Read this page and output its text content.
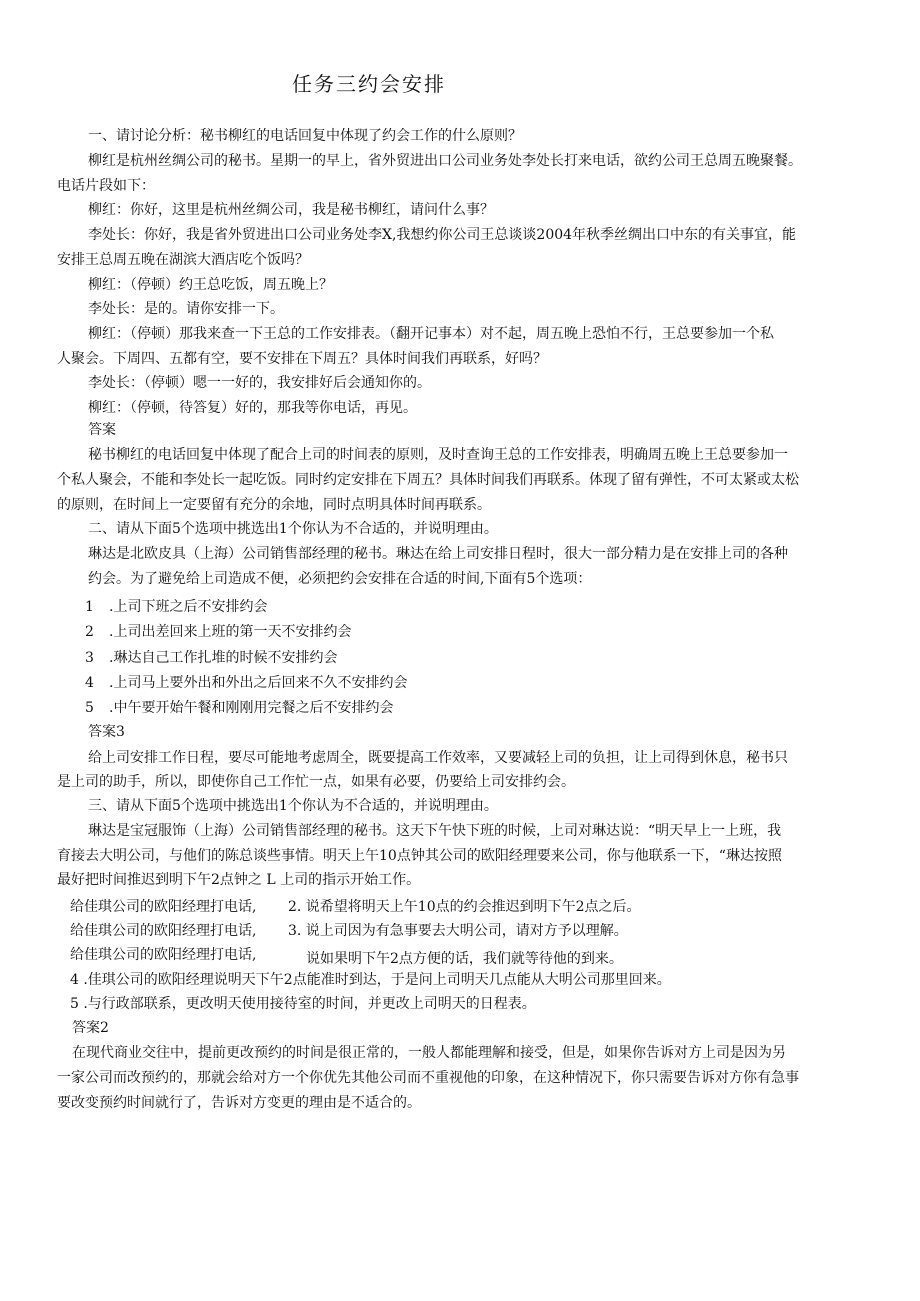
任务三约会安排
一、请讨论分析：秘书柳红的电话回复中体现了约会工作的什么原则？
柳红是杭州丝绸公司的秘书。星期一的早上，省外贸进出口公司业务处李处长打来电话，欲约公司王总周五晚聚餐。
电话片段如下：
柳红：你好，这里是杭州丝绸公司，我是秘书柳红，请问什么事？
李处长：你好，我是省外贸进出口公司业务处李X,我想约你公司王总谈谈2004年秋季丝绸出口中东的有关事宜，能
安排王总周五晚在湖滨大酒店吃个饭吗？
柳红：（停顿）约王总吃饭，周五晚上？
李处长：是的。请你安排一下。
柳红：（停顿）那我来查一下王总的工作安排表。（翻开记事本）对不起，周五晚上恐怕不行，王总要参加一个私
人聚会。下周四、五都有空，要不安排在下周五？具体时间我们再联系，好吗？
李处长：（停顿）嗯一一好的，我安排好后会通知你的。
柳红：（停顿，待答复）好的，那我等你电话，再见。
答案
秘书柳红的电话回复中体现了配合上司的时间表的原则，及时查询王总的工作安排表，明确周五晚上王总要参加一
个私人聚会，不能和李处长一起吃饭。同时约定安排在下周五？具体时间我们再联系。体现了留有弹性，不可太紧或太松
的原则，在时间上一定要留有充分的余地，同时点明具体时间再联系。
二、请从下面5个选项中挑选出1个你认为不合适的，并说明理由。
琳达是北欧皮具（上海）公司销售部经理的秘书。琳达在给上司安排日程时，很大一部分精力是在安排上司的各种
约会。为了避免给上司造成不便，必须把约会安排在合适的时间,下面有5个选项：
1 .上司下班之后不安排约会
2 .上司出差回来上班的第一天不安排约会
3 .琳达自己工作扎堆的时候不安排约会
4 .上司马上要外出和外出之后回来不久不安排约会
5 .中午要开始午餐和刚刚用完餐之后不安排约会
答案3
给上司安排工作日程，要尽可能地考虑周全，既要提高工作效率，又要减轻上司的负担，让上司得到休息，秘书只
是上司的助手，所以，即使你自己工作忙一点，如果有必要，仍要给上司安排约会。
三、请从下面5个选项中挑选出1个你认为不合适的，并说明理由。
琳达是宝冠服饰（上海）公司销售部经理的秘书。这天下午快下班的时候，上司对琳达说：“明天早上一上班，我
育接去大明公司，与他们的陈总谈些事情。明天上午10点钟其公司的欧阳经理要来公司，你与他联系一下，“琳达按照
最好把时间推迟到明下午2点钟之 L 上司的指示开始工作。
给佳琪公司的欧阳经理打电话, 2. 说希望将明天上午10点的约会推迟到明下午2点之后。
给佳琪公司的欧阳经理打电话, 3. 说上司因为有急事要去大明公司，请对方予以理解。
给佳琪公司的欧阳经理打电话,	说如果明下午2点方便的话，我们就等待他的到来。
4 .佳琪公司的欧阳经理说明天下午2点能准时到达，于是问上司明天几点能从大明公司那里回来。
5 .与行政部联系，更改明天使用接待室的时间，并更改上司明天的日程表。
答案2
在现代商业交往中，提前更改预约的时间是很正常的，一般人都能理解和接受，但是，如果你告诉对方上司是因为另
一家公司而改预约的，那就会给对方一个你优先其他公司而不重视他的印象，在这种情况下，你只需要告诉对方你有急事
要改变预约时间就行了，告诉对方变更的理由是不适合的。
